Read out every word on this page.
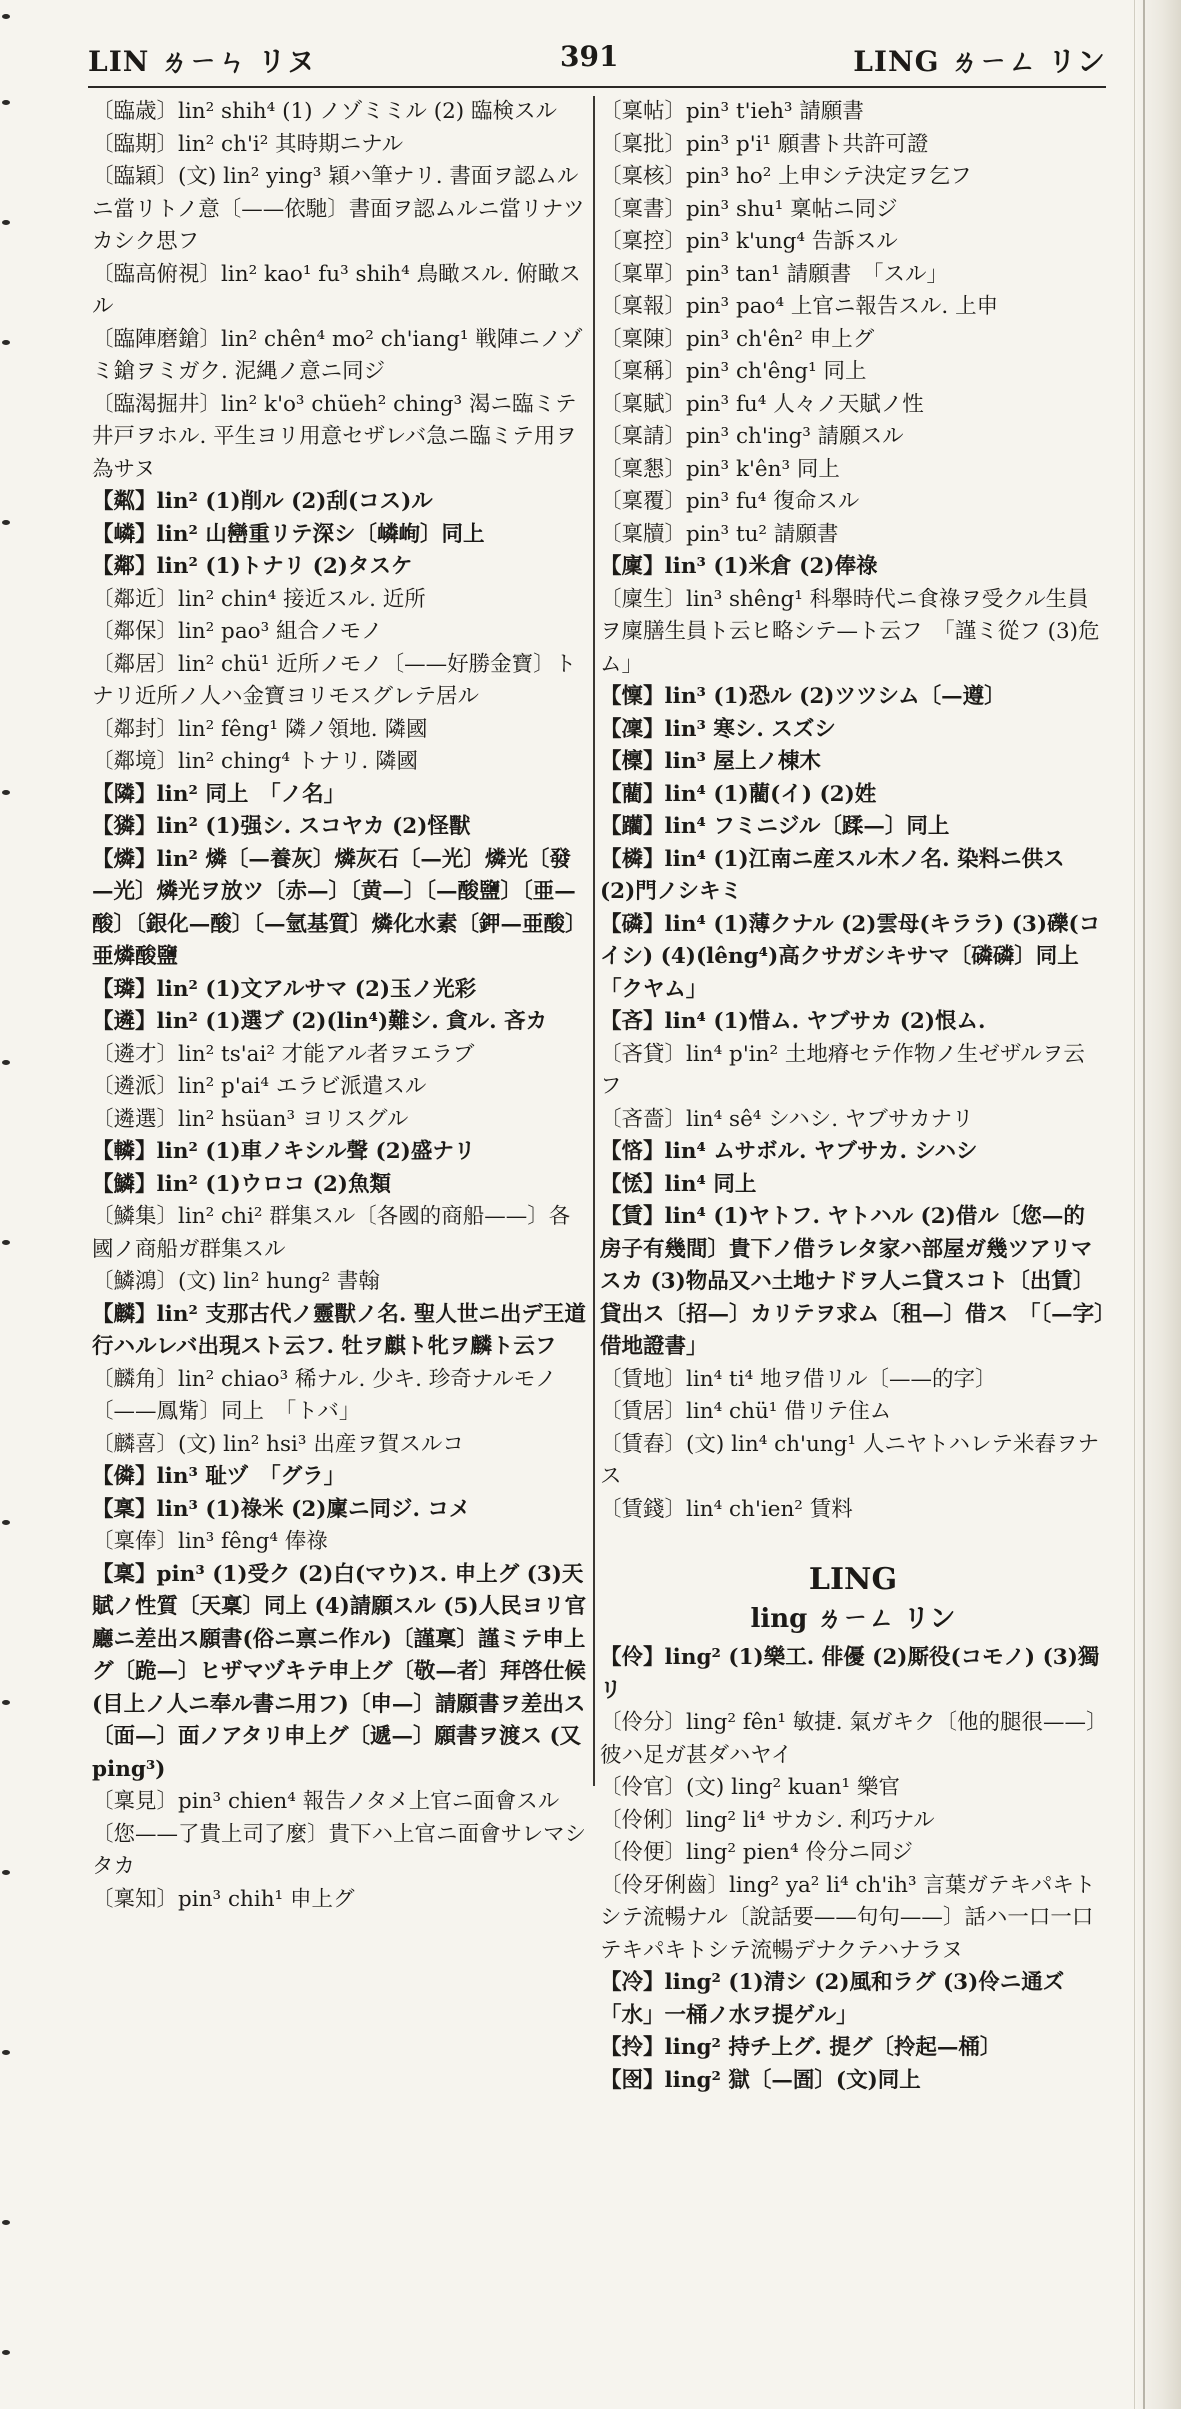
LIN ㄌㄧㄣ リヌ	391	LING ㄌㄧㄥ リン

〔臨歳〕lin² shih⁴ (1) ノゾミミル (2) 臨検スル

〔臨期〕lin² ch'i² 其時期ニナル

〔臨穎〕(文) lin² ying³ 穎ハ筆ナリ. 書面ヲ認ムルニ當リトノ意〔——依馳〕書面ヲ認ムルニ當リナツカシク思フ

〔臨高俯視〕lin² kao¹ fu³ shih⁴ 鳥瞰スル. 俯瞰スル

〔臨陣磨鎗〕lin² chên⁴ mo² ch'iang¹ 戦陣ニノゾミ鎗ヲミガク. 泥縄ノ意ニ同ジ

〔臨渴掘井〕lin² k'o³ chüeh² ching³ 渴ニ臨ミテ井戸ヲホル. 平生ヨリ用意セザレバ急ニ臨ミテ用ヲ為サヌ

【粼】lin² (1)削ル (2)刮(コス)ル

【嶙】lin² 山巒重リテ深シ〔嶙峋〕同上

【鄰】lin² (1)トナリ (2)タスケ

〔鄰近〕lin² chin⁴ 接近スル. 近所

〔鄰保〕lin² pao³ 組合ノモノ

〔鄰居〕lin² chü¹ 近所ノモノ〔——好勝金寶〕トナリ近所ノ人ハ金寶ヨリモスグレテ居ル

〔鄰封〕lin² fêng¹ 隣ノ領地. 隣國

〔鄰境〕lin² ching⁴ トナリ. 隣國

【隣】lin² 同上　「ノ名」

【獜】lin² (1)强シ. スコヤカ (2)怪獸

【燐】lin² 燐〔—養灰〕燐灰石〔—光〕燐光〔發—光〕燐光ヲ放ツ〔赤—〕〔黄—〕〔—酸鹽〕〔亜—酸〕〔銀化—酸〕〔—氫基質〕燐化水素〔鉀—亜酸〕亜燐酸鹽

【璘】lin² (1)文アルサマ (2)玉ノ光彩

【遴】lin² (1)選ブ (2)(lin⁴)難シ. 貪ル. 吝カ

〔遴才〕lin² ts'ai² 才能アル者ヲエラブ

〔遴派〕lin² p'ai⁴ エラビ派遣スル

〔遴選〕lin² hsüan³ ヨリスグル

【轔】lin² (1)車ノキシル聲 (2)盛ナリ

【鱗】lin² (1)ウロコ (2)魚類

〔鱗集〕lin² chi² 群集スル〔各國的商船——〕各國ノ商船ガ群集スル

〔鱗鴻〕(文) lin² hung² 書翰

【麟】lin² 支那古代ノ靈獸ノ名. 聖人世ニ出デ王道行ハルレバ出現スト云フ. 牡ヲ麒ト牝ヲ麟ト云フ

〔麟角〕lin² chiao³ 稀ナル. 少キ. 珍奇ナルモノ〔——鳳觜〕同上　「トバ」

〔麟喜〕(文) lin² hsi³ 出産ヲ賀スルコ

【僯】lin³ 耻ヅ　「グラ」

【稟】lin³ (1)祿米 (2)廩ニ同ジ. コメ

〔稟俸〕lin³ fêng⁴ 俸祿

【稟】pin³ (1)受ク (2)白(マウ)ス. 申上グ (3)天賦ノ性質〔天稟〕同上 (4)請願スル (5)人民ヨリ官廳ニ差出ス願書(俗ニ禀ニ作ル)〔謹稟〕謹ミテ申上グ〔跪—〕ヒザマヅキテ申上グ〔敬—者〕拜啓仕候(目上ノ人ニ奉ル書ニ用フ)〔申—〕請願書ヲ差出ス〔面—〕面ノアタリ申上グ〔遞—〕願書ヲ渡ス (又 ping³)

〔稟見〕pin³ chien⁴ 報告ノタメ上官ニ面會スル〔您——了貴上司了麼〕貴下ハ上官ニ面會サレマシタカ

〔稟知〕pin³ chih¹ 申上グ

〔稟帖〕pin³ t'ieh³ 請願書

〔稟批〕pin³ p'i¹ 願書ト共許可證

〔稟核〕pin³ ho² 上申シテ決定ヲ乞フ

〔稟書〕pin³ shu¹ 稟帖ニ同ジ

〔稟控〕pin³ k'ung⁴ 告訴スル

〔稟單〕pin³ tan¹ 請願書　「スル」

〔稟報〕pin³ pao⁴ 上官ニ報告スル. 上申

〔稟陳〕pin³ ch'ên² 申上グ

〔稟稱〕pin³ ch'êng¹ 同上

〔稟賦〕pin³ fu⁴ 人々ノ天賦ノ性

〔稟請〕pin³ ch'ing³ 請願スル

〔稟懇〕pin³ k'ên³ 同上

〔稟覆〕pin³ fu⁴ 復命スル

〔稟牘〕pin³ tu² 請願書

【廩】lin³ (1)米倉 (2)俸祿

〔廩生〕lin³ shêng¹ 科舉時代ニ食祿ヲ受クル生員ヲ廩膳生員ト云ヒ略シテ—ト云フ　「謹ミ從フ (3)危ム」

【懍】lin³ (1)恐ル (2)ツツシム〔—遵〕

【凜】lin³ 寒シ. スズシ

【檁】lin³ 屋上ノ棟木

【藺】lin⁴ (1)藺(イ) (2)姓

【躪】lin⁴ フミニジル〔蹂—〕同上

【橉】lin⁴ (1)江南ニ産スル木ノ名. 染料ニ供ス (2)門ノシキミ

【磷】lin⁴ (1)薄クナル (2)雲母(キララ) (3)礫(コイシ) (4)(lêng⁴)高クサガシキサマ〔磷磷〕同上　「クヤム」

【吝】lin⁴ (1)惜ム. ヤブサカ (2)恨ム.

〔吝貸〕lin⁴ p'in² 土地瘠セテ作物ノ生ゼザルヲ云フ

〔吝嗇〕lin⁴ sê⁴ シハシ. ヤブサカナリ

【悋】lin⁴ ムサボル. ヤブサカ. シハシ

【恡】lin⁴ 同上

【賃】lin⁴ (1)ヤトフ. ヤトハル (2)借ル〔您—的房子有幾間〕貴下ノ借ラレタ家ハ部屋ガ幾ツアリマスカ (3)物品又ハ土地ナドヲ人ニ貸スコト〔出賃〕貸出ス〔招—〕カリテヲ求ム〔租—〕借ス　「〔—字〕借地證書」

〔賃地〕lin⁴ ti⁴ 地ヲ借リル〔——的字〕

〔賃居〕lin⁴ chü¹ 借リテ住ム

〔賃舂〕(文) lin⁴ ch'ung¹ 人ニヤトハレテ米舂ヲナス

〔賃錢〕lin⁴ ch'ien² 賃料

LING
ling ㄌㄧㄥ リン

【伶】ling² (1)樂工. 俳優 (2)厮役(コモノ) (3)獨リ

〔伶分〕ling² fên¹ 敏捷. 氣ガキク〔他的腿很——〕彼ハ足ガ甚ダハヤイ

〔伶官〕(文) ling² kuan¹ 樂官

〔伶俐〕ling² li⁴ サカシ. 利巧ナル

〔伶便〕ling² pien⁴ 伶分ニ同ジ

〔伶牙俐齒〕ling² ya² li⁴ ch'ih³ 言葉ガテキパキトシテ流暢ナル〔說話要——句句——〕話ハ一口一口テキパキトシテ流暢デナクテハナラヌ

【冷】ling² (1)清シ (2)風和ラグ (3)伶ニ通ズ　「水」一桶ノ水ヲ提ゲル」

【拎】ling² 持チ上グ. 提グ〔拎起—桶〕

【囹】ling² 獄〔—圄〕(文)同上
